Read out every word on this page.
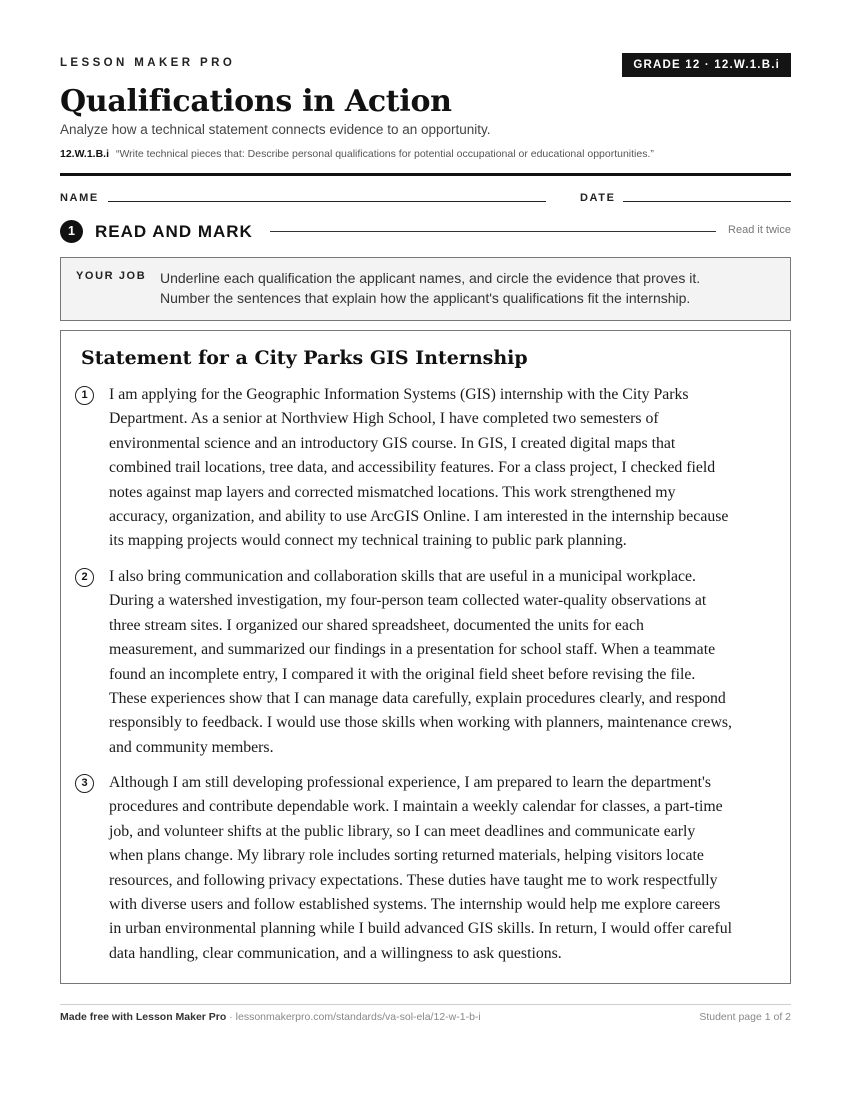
LESSON MAKER PRO	GRADE 12 · 12.W.1.B.i
Qualifications in Action
Analyze how a technical statement connects evidence to an opportunity.
12.W.1.B.i “Write technical pieces that: Describe personal qualifications for potential occupational or educational opportunities.”
NAME	DATE
1	READ AND MARK	Read it twice
YOUR JOB Underline each qualification the applicant names, and circle the evidence that proves it.
Number the sentences that explain how the applicant's qualifications fit the internship.
Statement for a City Parks GIS Internship
1	I am applying for the Geographic Information Systems (GIS) internship with the City Parks
Department. As a senior at Northview High School, I have completed two semesters of
environmental science and an introductory GIS course. In GIS, I created digital maps that
combined trail locations, tree data, and accessibility features. For a class project, I checked field
notes against map layers and corrected mismatched locations. This work strengthened my
accuracy, organization, and ability to use ArcGIS Online. I am interested in the internship because
its mapping projects would connect my technical training to public park planning.
2	I also bring communication and collaboration skills that are useful in a municipal workplace.
During a watershed investigation, my four-person team collected water-quality observations at
three stream sites. I organized our shared spreadsheet, documented the units for each
measurement, and summarized our findings in a presentation for school staff. When a teammate
found an incomplete entry, I compared it with the original field sheet before revising the file.
These experiences show that I can manage data carefully, explain procedures clearly, and respond
responsibly to feedback. I would use those skills when working with planners, maintenance crews,
and community members.
3	Although I am still developing professional experience, I am prepared to learn the department's
procedures and contribute dependable work. I maintain a weekly calendar for classes, a part-time
job, and volunteer shifts at the public library, so I can meet deadlines and communicate early
when plans change. My library role includes sorting returned materials, helping visitors locate
resources, and following privacy expectations. These duties have taught me to work respectfully
with diverse users and follow established systems. The internship would help me explore careers
in urban environmental planning while I build advanced GIS skills. In return, I would offer careful
data handling, clear communication, and a willingness to ask questions.
Made free with Lesson Maker Pro · lessonmakerpro.com/standards/va-sol-ela/12-w-1-b-i	Student page 1 of 2
